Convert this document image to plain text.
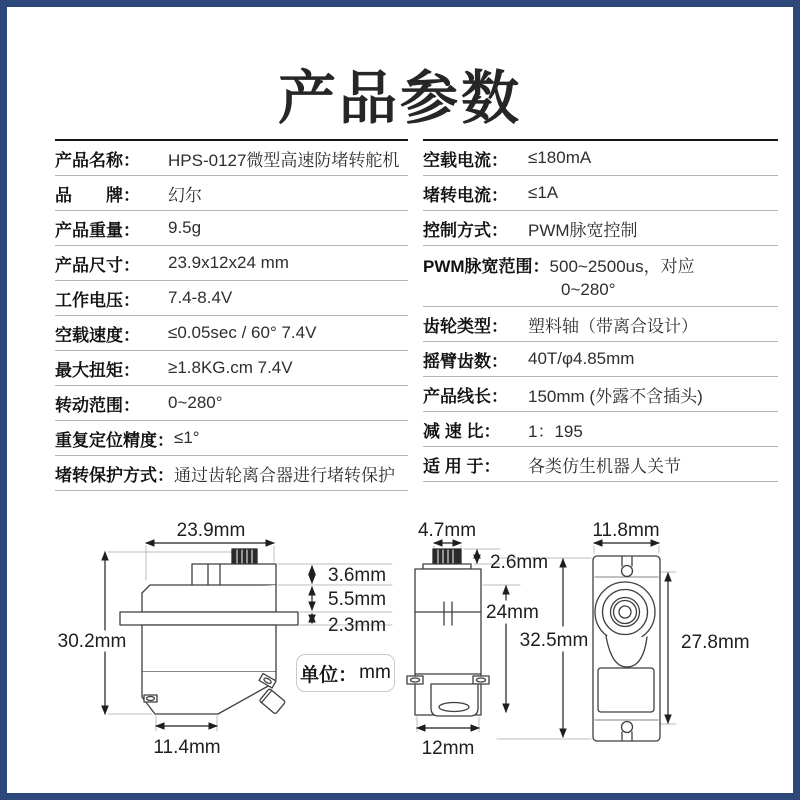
产品参数
产品名称：	HPS-0127微型高速防堵转舵机
品　　牌：	幻尔
产品重量：	9.5g
产品尺寸：	23.9x12x24 mm
工作电压：	7.4-8.4V
空载速度：	≤0.05sec / 60° 7.4V
最大扭矩：	≥1.8KG.cm 7.4V
转动范围：	0~280°
重复定位精度： ≤1°
堵转保护方式： 通过齿轮离合器进行堵转保护
空载电流：	≤180mA
堵转电流：	≤1A
控制方式：	PWM脉宽控制
PWM脉宽范围： 500~2500us，对应
0~280°
齿轮类型：	塑料轴（带离合设计）
摇臂齿数：	40T/φ4.85mm
产品线长：	150mm (外露不含插头)
减 速 比：	1：195
适 用 于：	各类仿生机器人关节
23.9mm
30.2mm
3.6mm
5.5mm
2.3mm
11.4mm
4.7mm
2.6mm
24mm
32.5mm
12mm
11.8mm
27.8mm
单位： mm
